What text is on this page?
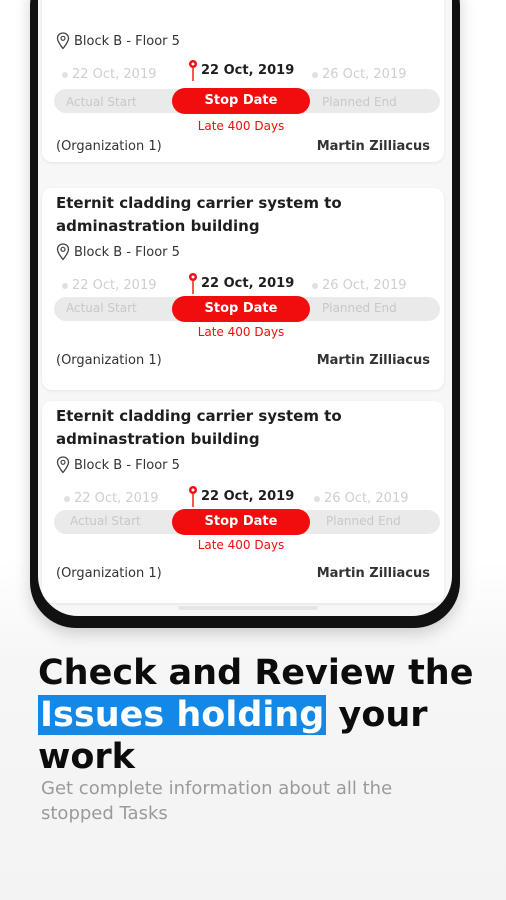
Block B - Floor 5
22 Oct, 2019
22 Oct, 2019	26 Oct, 2019
Actual Start	Planned End
Stop Date
Late 400 Days
(Organization 1)	Martin Zilliacus
Eternit cladding carrier system to adminastration building
Block B - Floor 5
22 Oct, 2019
22 Oct, 2019	26 Oct, 2019
Actual Start	Planned End
Stop Date
Late 400 Days
(Organization 1)	Martin Zilliacus
Eternit cladding carrier system to adminastration building
Block B - Floor 5
22 Oct, 2019
22 Oct, 2019	26 Oct, 2019
Actual Start	Planned End
Stop Date
Late 400 Days
(Organization 1)	Martin Zilliacus
Check and Review the
Issues holding your
work
Get complete information about all the stopped Tasks
